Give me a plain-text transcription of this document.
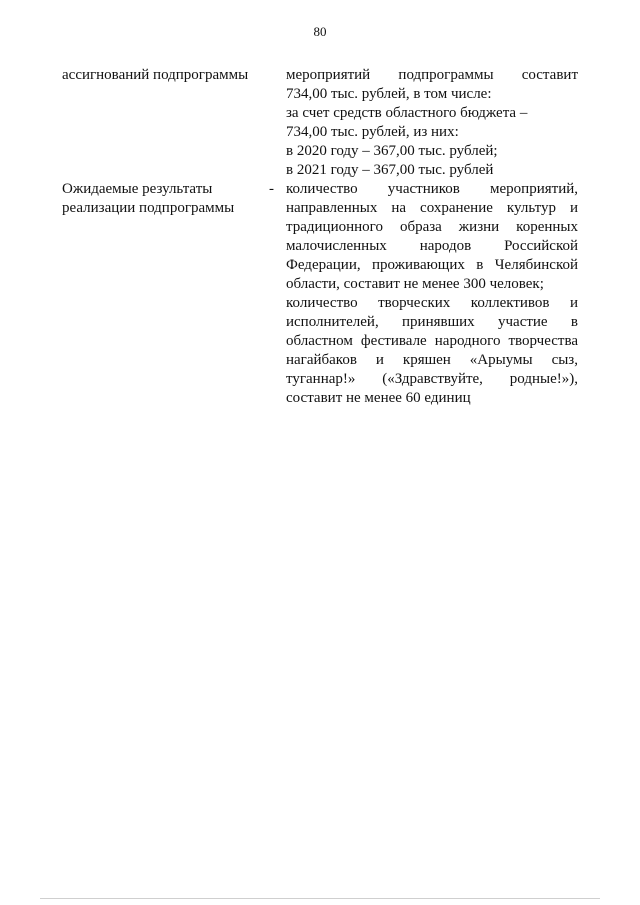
80
ассигнований подпрограммы	мероприятий подпрограммы составит
734,00 тыс. рублей, в том числе:
за счет средств областного бюджета –
734,00 тыс. рублей, из них:
в 2020 году – 367,00 тыс. рублей;
в 2021 году – 367,00 тыс. рублей
Ожидаемые результаты
реализации подпрограммы
- количество участников мероприятий,
направленных на сохранение культур и
традиционного образа жизни коренных
малочисленных народов Российской
Федерации, проживающих в Челябинской
области, составит не менее 300 человек;
количество творческих коллективов и
исполнителей, принявших участие в
областном фестивале народного творчества
нагайбаков и кряшен «Арыумы сыз,
туганнар!» («Здравствуйте, родные!»),
составит не менее 60 единиц
